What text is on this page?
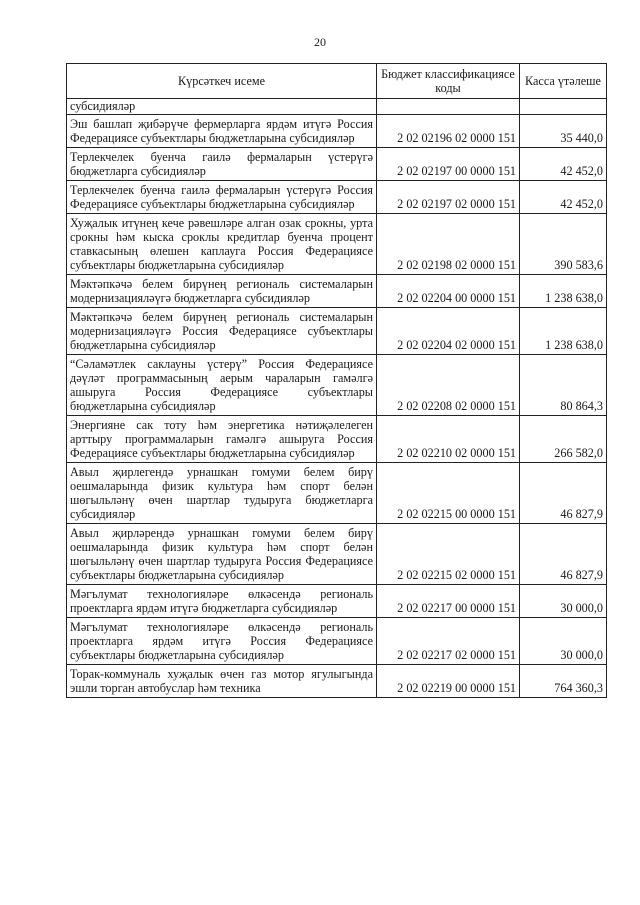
20
Күрсәткеч исеме	Бюджет классификациясе коды	Касса үтәлеше
субсидияләр		
Эш башлап җибәрүче фермерларга ярдәм итүгә Россия Федерациясе субъектлары бюджетларына субсидияләр	2 02 02196 02 0000 151	35 440,0
Терлекчелек буенча гаилә фермаларын үстерүгә бюджетларга субсидияләр	2 02 02197 00 0000 151	42 452,0
Терлекчелек буенча гаилә фермаларын үстерүгә Россия Федерациясе субъектлары бюджетларына субсидияләр	2 02 02197 02 0000 151	42 452,0
Хуҗалык итүнең кече рәвешләре алган озак срокны, урта срокны һәм кыска сроклы кредитлар буенча процент ставкасының өлешен каплауга Россия Федерациясе субъектлары бюджетларына субсидияләр	2 02 02198 02 0000 151	390 583,6
Мәктәпкәчә белем бирүнең региональ системаларын модернизацияләүгә бюджетларга субсидияләр	2 02 02204 00 0000 151	1 238 638,0
Мәктәпкәчә белем бирүнең региональ системаларын модернизацияләүгә Россия Федерациясе субъектлары бюджетларына субсидияләр	2 02 02204 02 0000 151	1 238 638,0
“Сәламәтлек саклауны үстерү” Россия Федерациясе дәүләт программасының аерым чараларын гамәлгә ашыруга Россия Федерациясе субъектлары бюджетларына субсидияләр	2 02 02208 02 0000 151	80 864,3
Энергияне сак тоту һәм энергетика нәтиҗәлелеген арттыру программаларын гамәлгә ашыруга Россия Федерациясе субъектлары бюджетларына субсидияләр	2 02 02210 02 0000 151	266 582,0
Авыл җирлегендә урнашкан гомуми белем бирү оешмаларында физик культура һәм спорт белән шөгыльләнү өчен шартлар тудыруга бюджетларга субсидияләр	2 02 02215 00 0000 151	46 827,9
Авыл җирләрендә урнашкан гомуми белем бирү оешмаларында физик культура һәм спорт белән шөгыльләнү өчен шартлар тудыруга Россия Федерациясе субъектлары бюджетларына субсидияләр	2 02 02215 02 0000 151	46 827,9
Мәгълумат технологияләре өлкәсендә региональ проектларга ярдәм итүгә бюджетларга субсидияләр	2 02 02217 00 0000 151	30 000,0
Мәгълумат технологияләре өлкәсендә региональ проектларга ярдәм итүгә Россия Федерациясе субъектлары бюджетларына субсидияләр	2 02 02217 02 0000 151	30 000,0
Торак-коммуналь хуҗалык өчен газ мотор ягулыгында эшли торган автобуслар һәм техника	2 02 02219 00 0000 151	764 360,3
